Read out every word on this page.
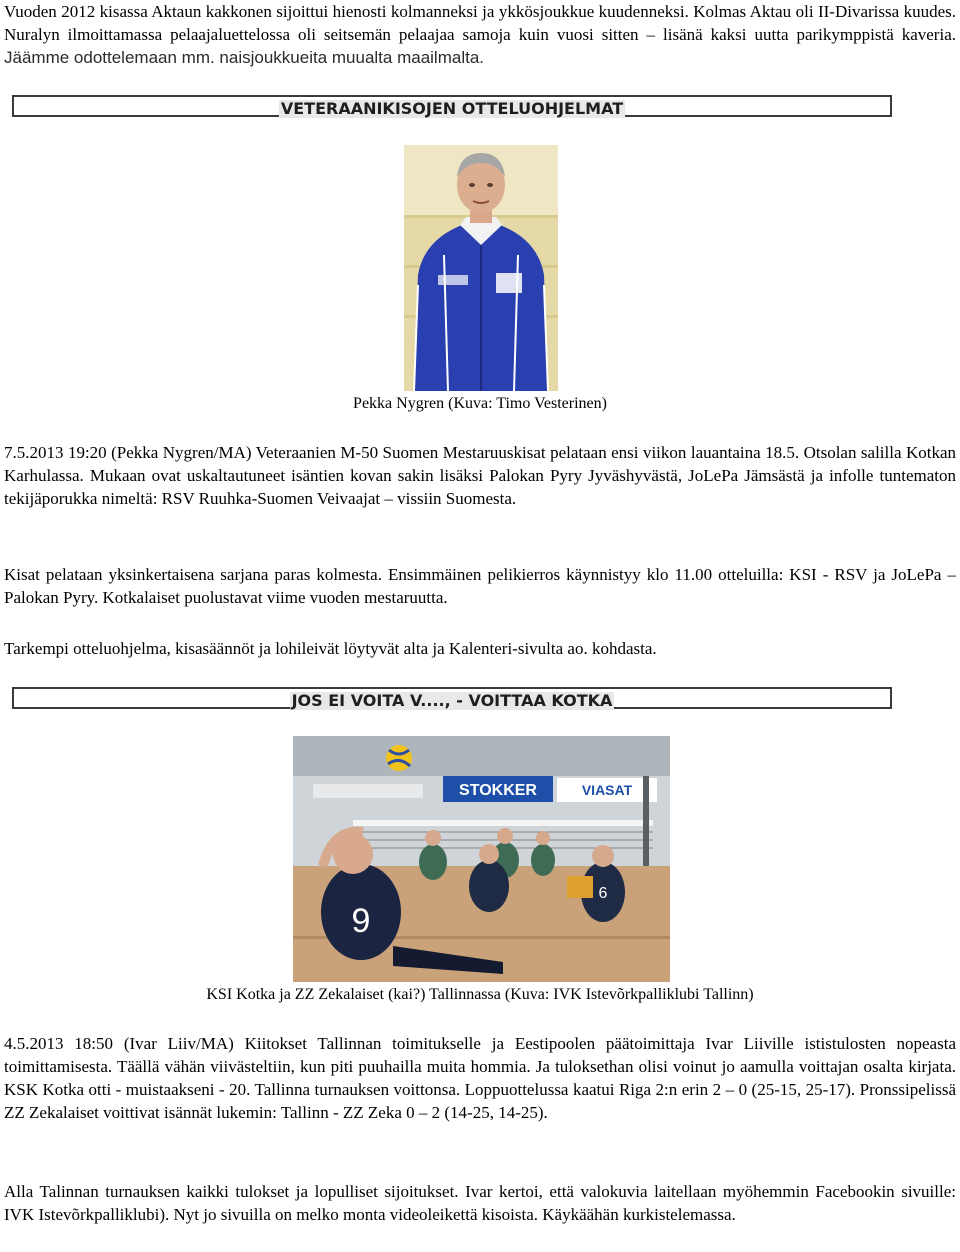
Vuoden 2012 kisassa Aktaun kakkonen sijoittui hienosti kolmanneksi ja ykkösjoukkue kuudenneksi. Kolmas Aktau oli II-Divarissa kuudes. Nuralyn ilmoittamassa pelaajaluettelossa oli seitsemän pelaajaa samoja kuin vuosi sitten – lisänä kaksi uutta parikymppistä kaveria. Jäämme odottelemaan mm. naisjoukkueita muualta maailmalta.

VETERAANIKISOJEN OTTELUOHJELMAT
Pekka Nygren (Kuva: Timo Vesterinen)

7.5.2013 19:20 (Pekka Nygren/MA) Veteraanien M-50 Suomen Mestaruuskisat pelataan ensi viikon lauantaina 18.5. Otsolan salilla Kotkan Karhulassa. Mukaan ovat uskaltautuneet isäntien kovan sakin lisäksi Palokan Pyry Jyväshyvästä, JoLePa Jämsästä ja infolle tuntematon tekijäporukka nimeltä: RSV Ruuhka-Suomen Veivaajat – vissiin Suomesta.

Kisat pelataan yksinkertaisena sarjana paras kolmesta. Ensimmäinen pelikierros käynnistyy klo 11.00 otteluilla: KSI - RSV ja JoLePa – Palokan Pyry. Kotkalaiset puolustavat viime vuoden mestaruutta.

Tarkempi otteluohjelma, kisasäännöt ja lohileivät löytyvät alta ja Kalenteri-sivulta ao. kohdasta.

JOS EI VOITA V...., - VOITTAA KOTKA
STOKKER	VIASAT
6
9
KSI Kotka ja ZZ Zekalaiset (kai?) Tallinnassa (Kuva: IVK Istevõrkpalliklubi Tallinn)

4.5.2013 18:50 (Ivar Liiv/MA) Kiitokset Tallinnan toimitukselle ja Eestipoolen päätoimittaja Ivar Liiville ististulosten nopeasta toimittamisesta. Täällä vähän viivästeltiin, kun piti puuhailla muita hommia. Ja tuloksethan olisi voinut jo aamulla voittajan osalta kirjata. KSK Kotka otti - muistaakseni - 20. Tallinna turnauksen voittonsa. Loppuottelussa kaatui Riga 2:n erin 2 – 0 (25-15, 25-17). Pronssipelissä ZZ Zekalaiset voittivat isännät lukemin: Tallinn - ZZ Zeka 0 – 2 (14-25, 14-25).

Alla Talinnan turnauksen kaikki tulokset ja lopulliset sijoitukset. Ivar kertoi, että valokuvia laitellaan myöhemmin Facebookin sivuille: IVK Istevõrkpalliklubi). Nyt jo sivuilla on melko monta videoleikettä kisoista. Käykäähän kurkistelemassa.
